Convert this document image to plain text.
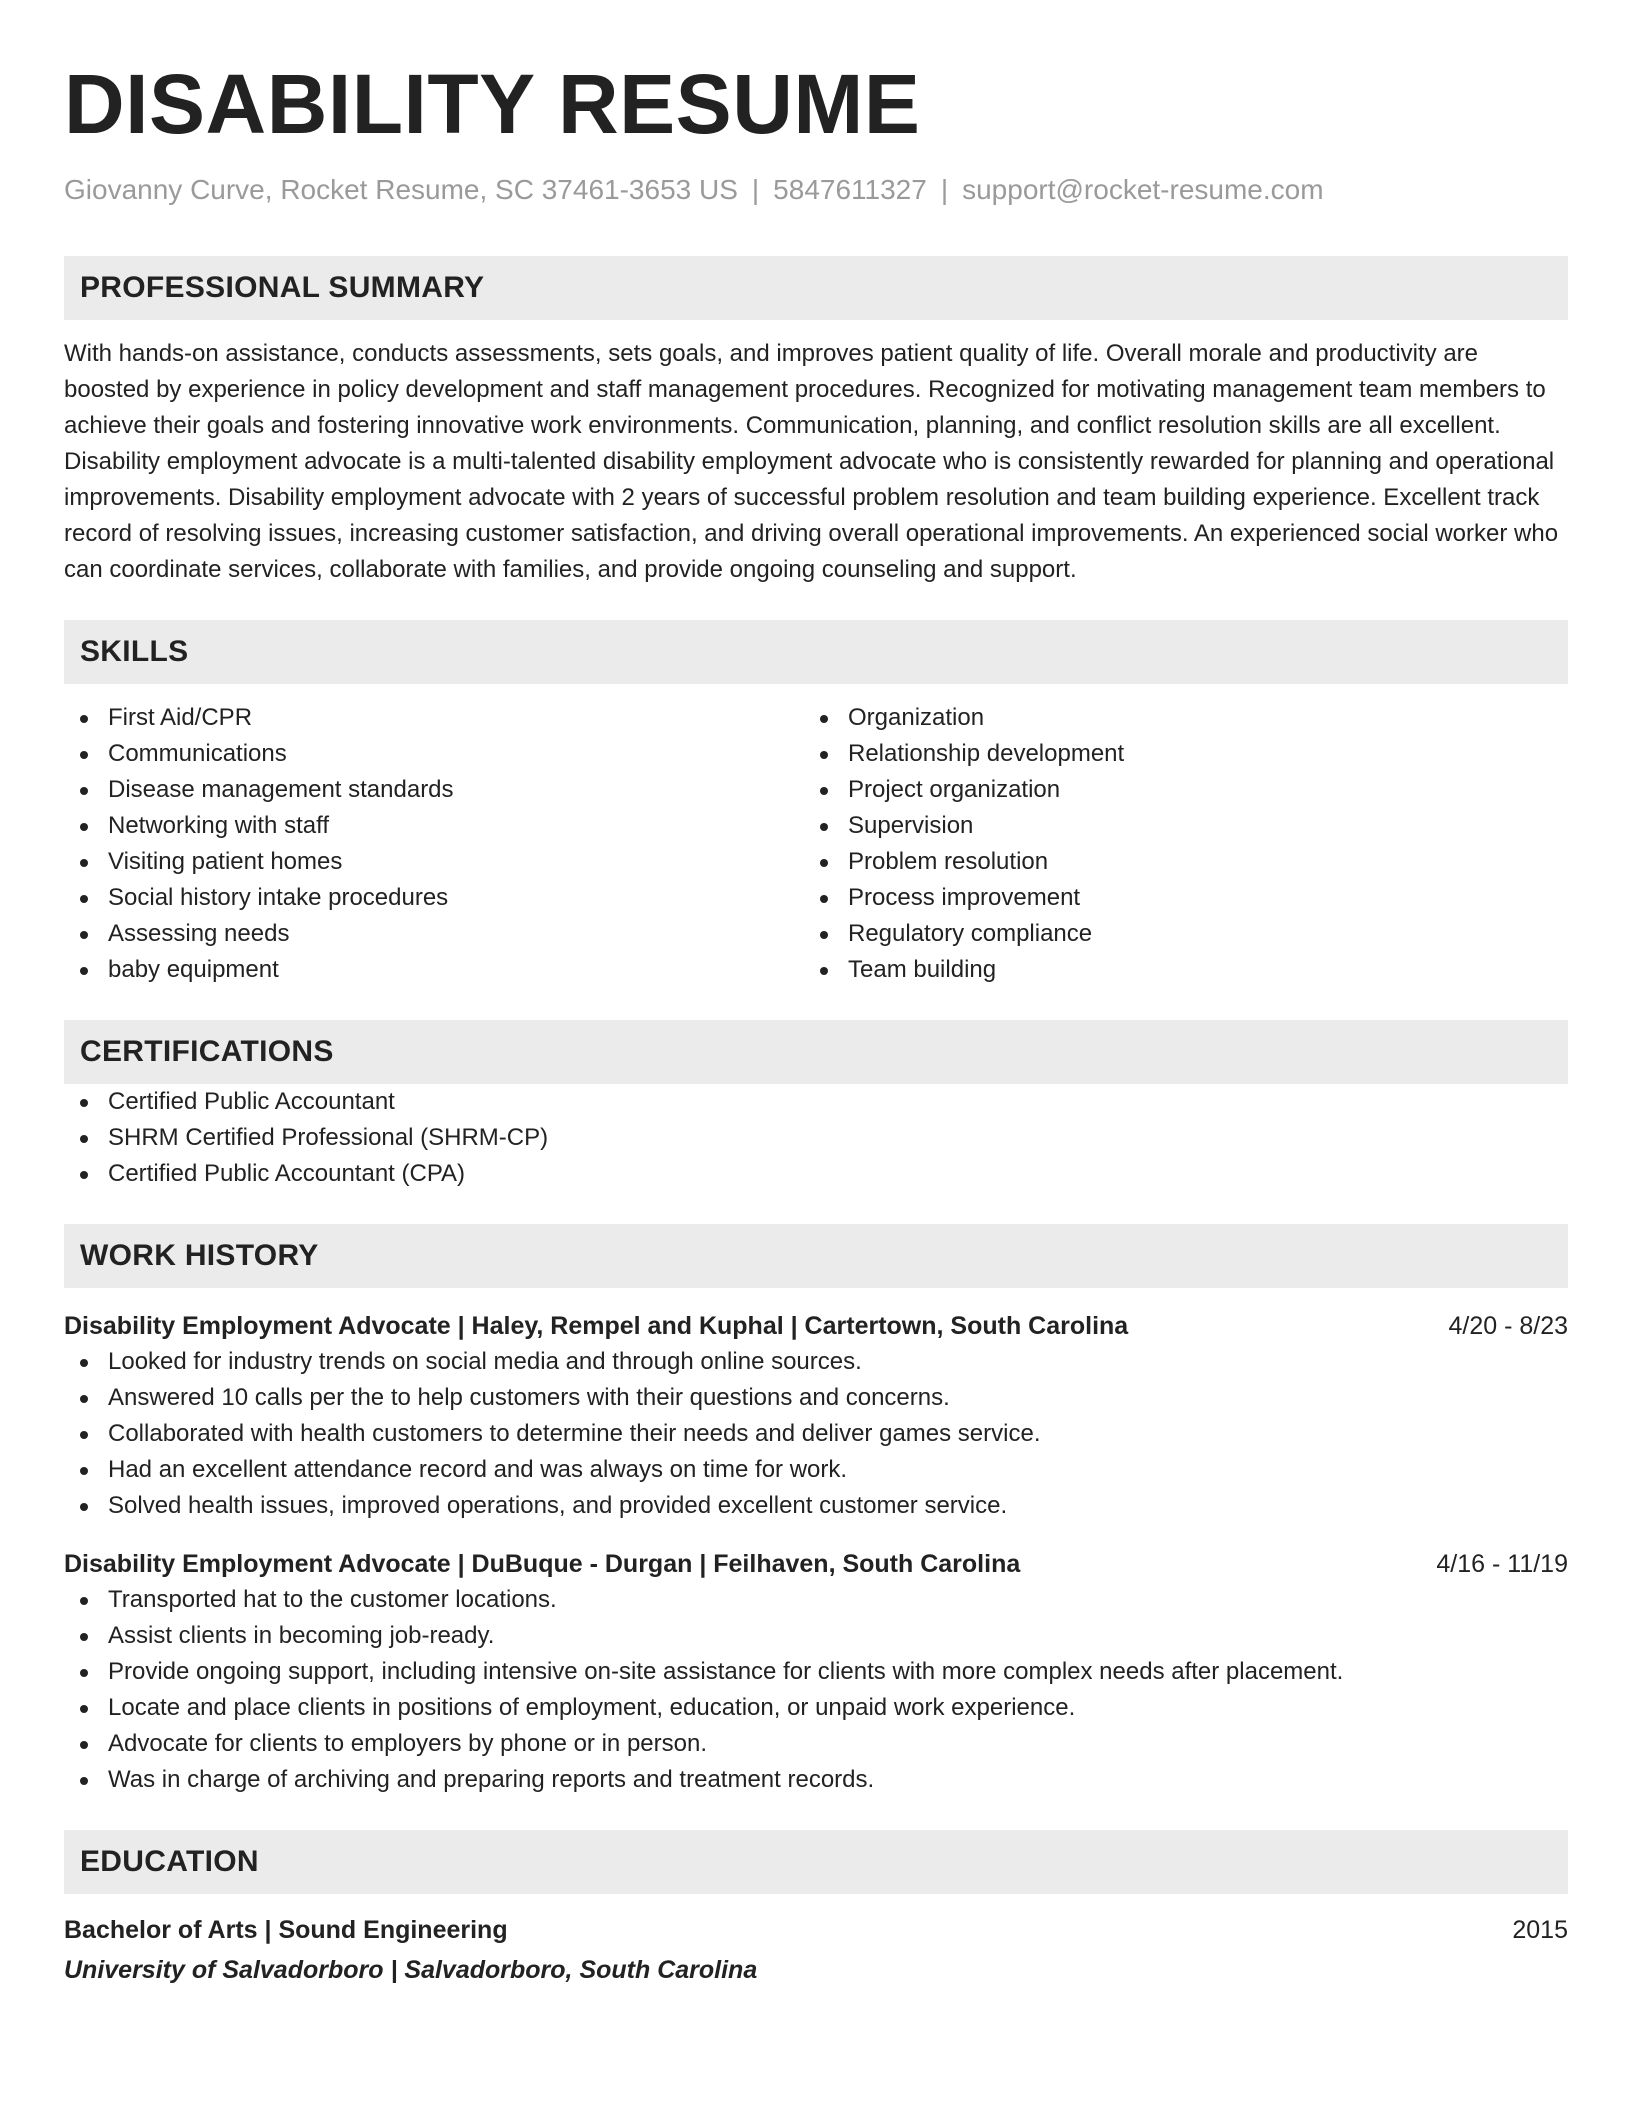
DISABILITY RESUME
Giovanny Curve, Rocket Resume, SC 37461-3653 US | 5847611327 | support@rocket-resume.com
PROFESSIONAL SUMMARY

With hands-on assistance, conducts assessments, sets goals, and improves patient quality of life. Overall morale and productivity are boosted by experience in policy development and staff management procedures. Recognized for motivating management team members to achieve their goals and fostering innovative work environments. Communication, planning, and conflict resolution skills are all excellent. Disability employment advocate is a multi-talented disability employment advocate who is consistently rewarded for planning and operational improvements. Disability employment advocate with 2 years of successful problem resolution and team building experience. Excellent track record of resolving issues, increasing customer satisfaction, and driving overall operational improvements. An experienced social worker who can coordinate services, collaborate with families, and provide ongoing counseling and support.

SKILLS
First Aid/CPR
Communications
Disease management standards
Networking with staff
Visiting patient homes
Social history intake procedures
Assessing needs
baby equipment
Organization
Relationship development
Project organization
Supervision
Problem resolution
Process improvement
Regulatory compliance
Team building
CERTIFICATIONS
Certified Public Accountant
SHRM Certified Professional (SHRM-CP)
Certified Public Accountant (CPA)
WORK HISTORY
Disability Employment Advocate | Haley, Rempel and Kuphal | Cartertown, South Carolina	4/20 - 8/23
Looked for industry trends on social media and through online sources.
Answered 10 calls per the to help customers with their questions and concerns.
Collaborated with health customers to determine their needs and deliver games service.
Had an excellent attendance record and was always on time for work.
Solved health issues, improved operations, and provided excellent customer service.
Disability Employment Advocate | DuBuque - Durgan | Feilhaven, South Carolina	4/16 - 11/19
Transported hat to the customer locations.
Assist clients in becoming job-ready.
Provide ongoing support, including intensive on-site assistance for clients with more complex needs after placement.
Locate and place clients in positions of employment, education, or unpaid work experience.
Advocate for clients to employers by phone or in person.
Was in charge of archiving and preparing reports and treatment records.
EDUCATION
Bachelor of Arts | Sound Engineering	2015
University of Salvadorboro | Salvadorboro, South Carolina
